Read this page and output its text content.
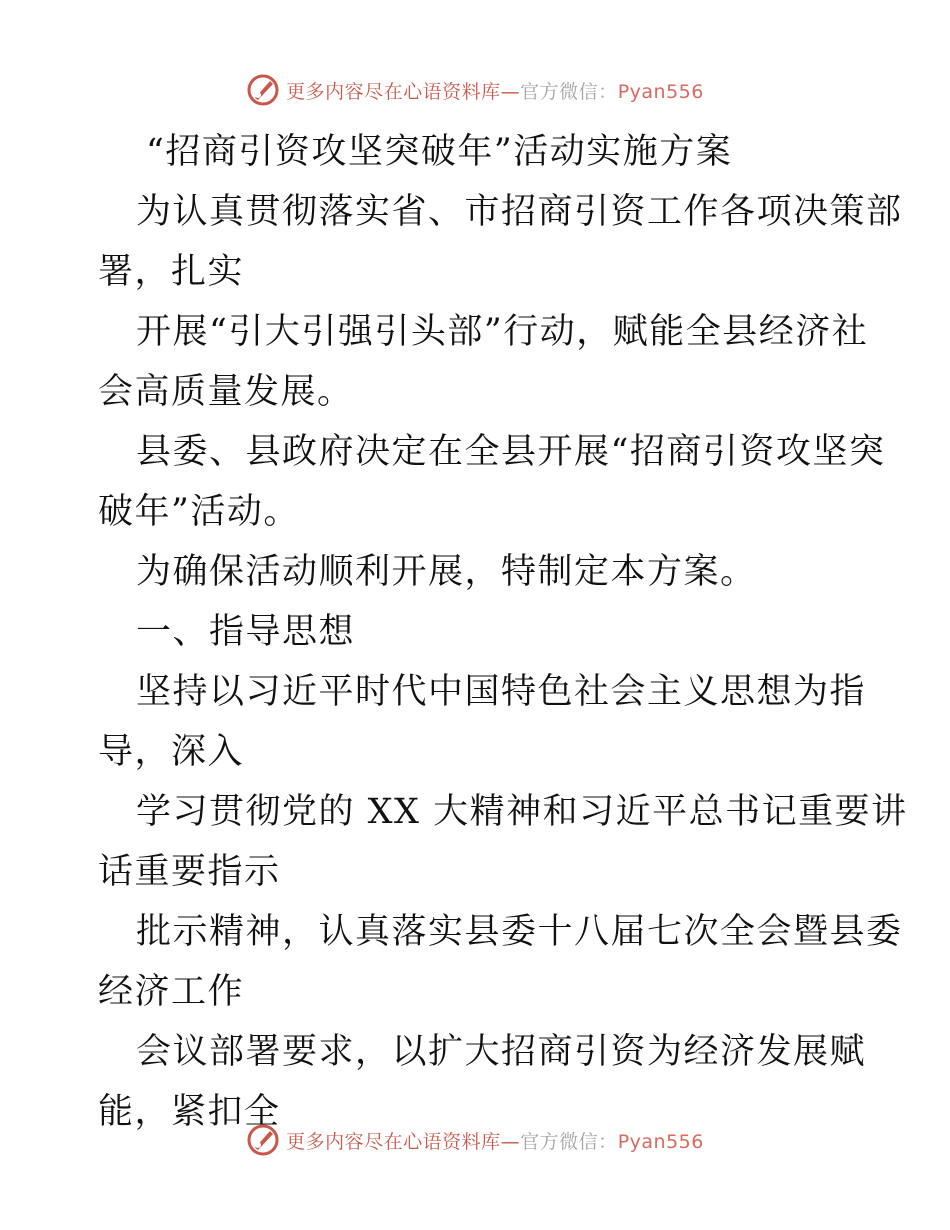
更多内容尽在心语资料库—官方微信：Pyan556
“招商引资攻坚突破年”活动实施方案
为认真贯彻落实省、市招商引资工作各项决策部
署，扎实
开展“引大引强引头部”行动，赋能全县经济社
会高质量发展。
县委、县政府决定在全县开展“招商引资攻坚突
破年”活动。
为确保活动顺利开展，特制定本方案。
一、指导思想
坚持以习近平时代中国特色社会主义思想为指
导，深入
学习贯彻党的 XX 大精神和习近平总书记重要讲
话重要指示
批示精神，认真落实县委十八届七次全会暨县委
经济工作
会议部署要求，以扩大招商引资为经济发展赋
能，紧扣全
更多内容尽在心语资料库—官方微信：Pyan556
